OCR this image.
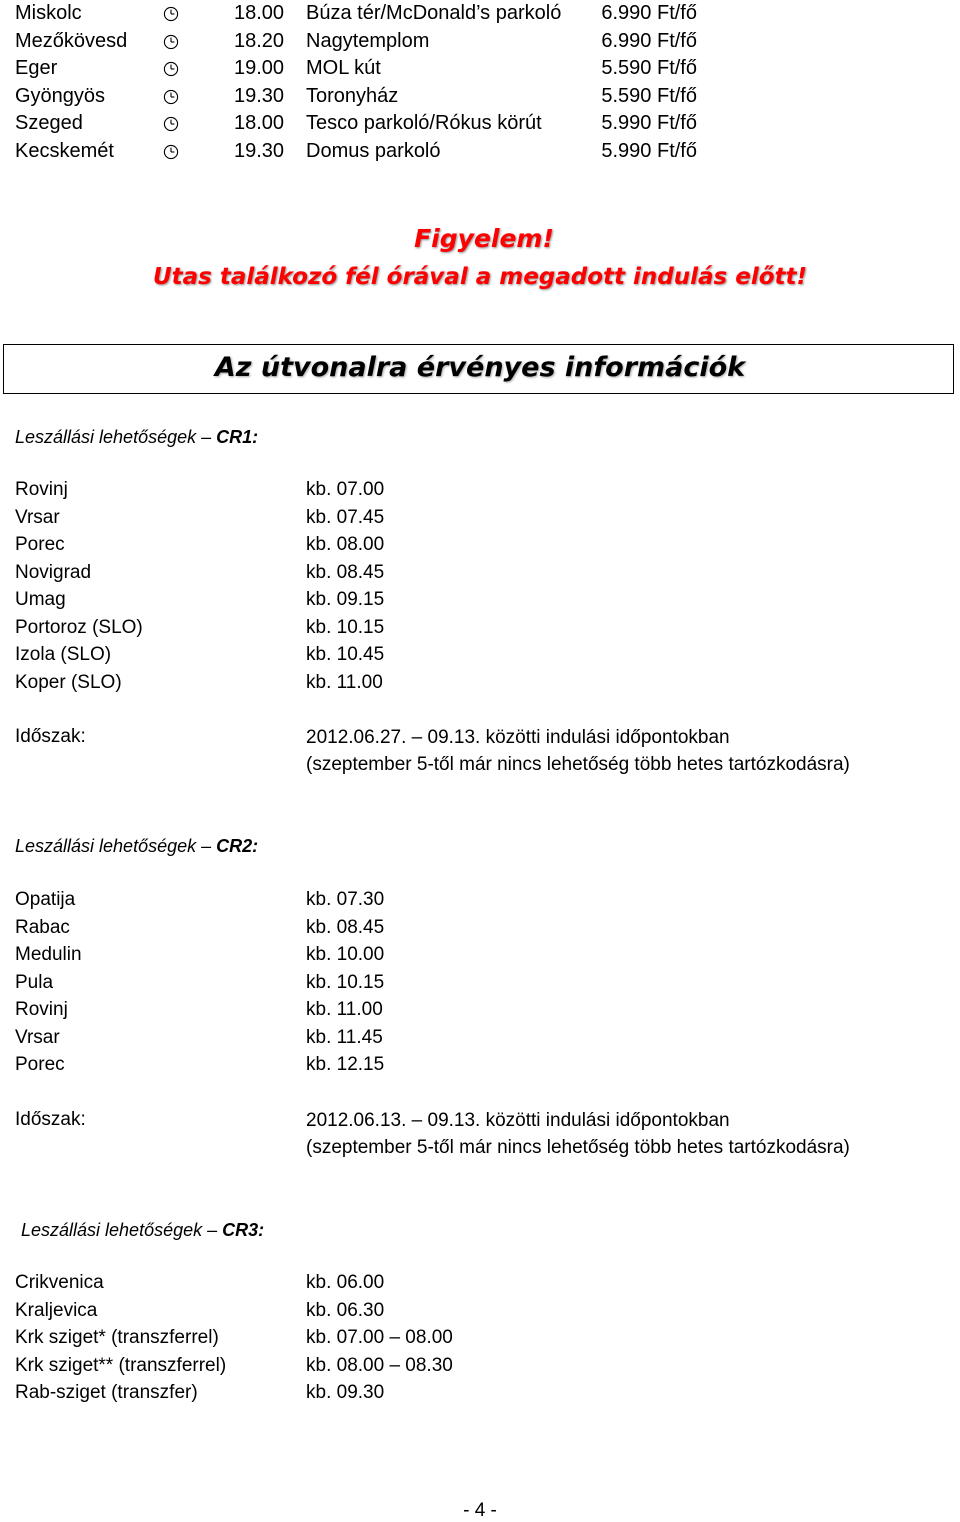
Miskolc	18.00 Búza tér/McDonald’s parkoló 6.990 Ft/fő
Mezőkövesd	18.20 Nagytemplom	6.990 Ft/fő
Eger	19.00 MOL kút	5.590 Ft/fő
Gyöngyös	19.30 Toronyház	5.590 Ft/fő
Szeged	18.00 Tesco parkoló/Rókus körút	5.990 Ft/fő
Kecskemét	19.30 Domus parkoló	5.990 Ft/fő
Figyelem!
Utas találkozó fél órával a megadott indulás előtt!
Az útvonalra érvényes információk
Leszállási lehetőségek – CR1:
Rovinj	kb. 07.00
Vrsar	kb. 07.45
Porec	kb. 08.00
Novigrad	kb. 08.45
Umag	kb. 09.15
Portoroz (SLO)	kb. 10.15
Izola (SLO)	kb. 10.45
Koper (SLO)	kb. 11.00
Időszak:	2012.06.27. – 09.13. közötti indulási időpontokban
(szeptember 5-től már nincs lehetőség több hetes tartózkodásra)
Leszállási lehetőségek – CR2:
Opatija	kb. 07.30
Rabac	kb. 08.45
Medulin	kb. 10.00
Pula	kb. 10.15
Rovinj	kb. 11.00
Vrsar	kb. 11.45
Porec	kb. 12.15
Időszak:	2012.06.13. – 09.13. közötti indulási időpontokban
(szeptember 5-től már nincs lehetőség több hetes tartózkodásra)
Leszállási lehetőségek – CR3:
Crikvenica	kb. 06.00
Kraljevica	kb. 06.30
Krk sziget* (transzferrel)	kb. 07.00 – 08.00
Krk sziget** (transzferrel)	kb. 08.00 – 08.30
Rab-sziget (transzfer)	kb. 09.30
- 4 -
